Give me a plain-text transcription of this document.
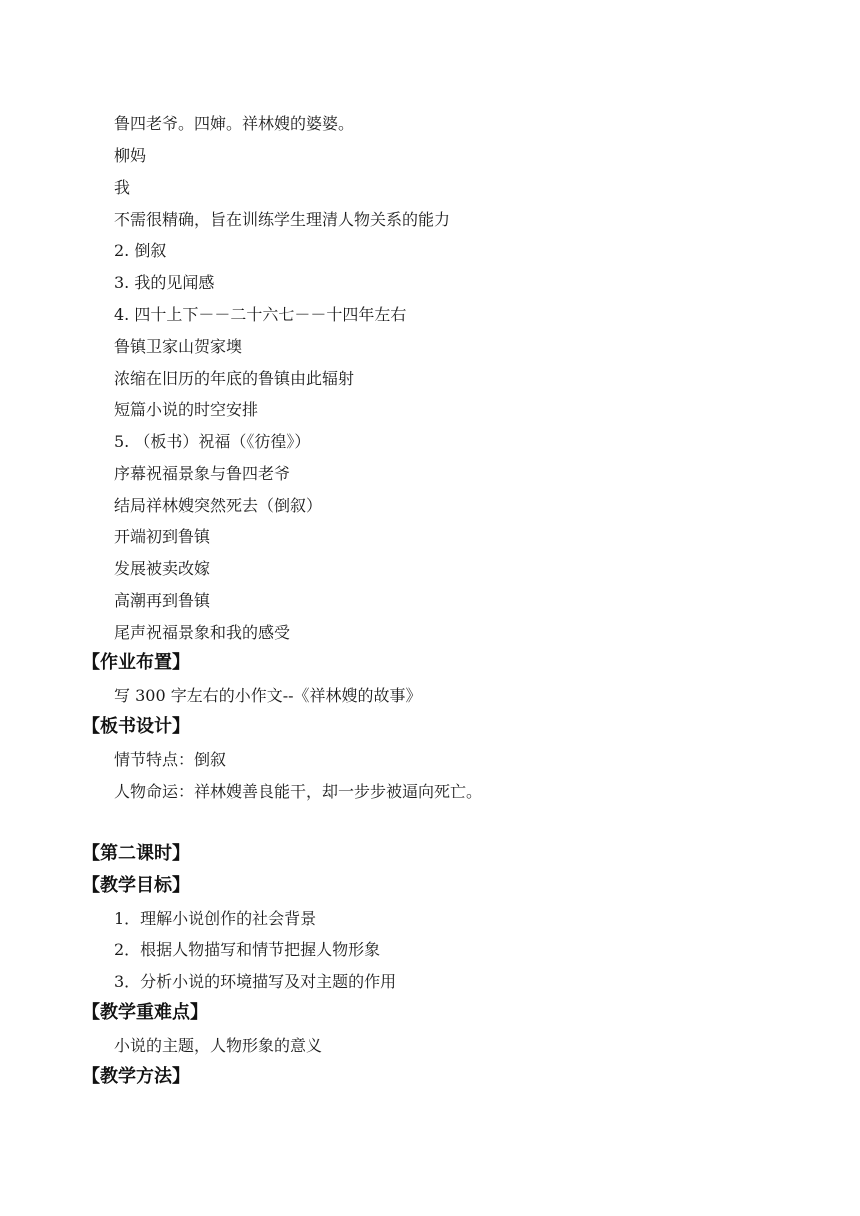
鲁四老爷。四婶。祥林嫂的婆婆。
柳妈
我
不需很精确，旨在训练学生理清人物关系的能力
2. 倒叙
3. 我的见闻感
4. 四十上下－－二十六七－－十四年左右
鲁镇卫家山贺家墺
浓缩在旧历的年底的鲁镇由此辐射
短篇小说的时空安排
5. （板书）祝福（《彷徨》）
序幕祝福景象与鲁四老爷
结局祥林嫂突然死去（倒叙）
开端初到鲁镇
发展被卖改嫁
高潮再到鲁镇
尾声祝福景象和我的感受
【作业布置】
写 300 字左右的小作文--《祥林嫂的故事》
【板书设计】
情节特点：倒叙
人物命运：祥林嫂善良能干，却一步步被逼向死亡。
【第二课时】
【教学目标】
1．理解小说创作的社会背景
2．根据人物描写和情节把握人物形象
3．分析小说的环境描写及对主题的作用
【教学重难点】
小说的主题，人物形象的意义
【教学方法】
